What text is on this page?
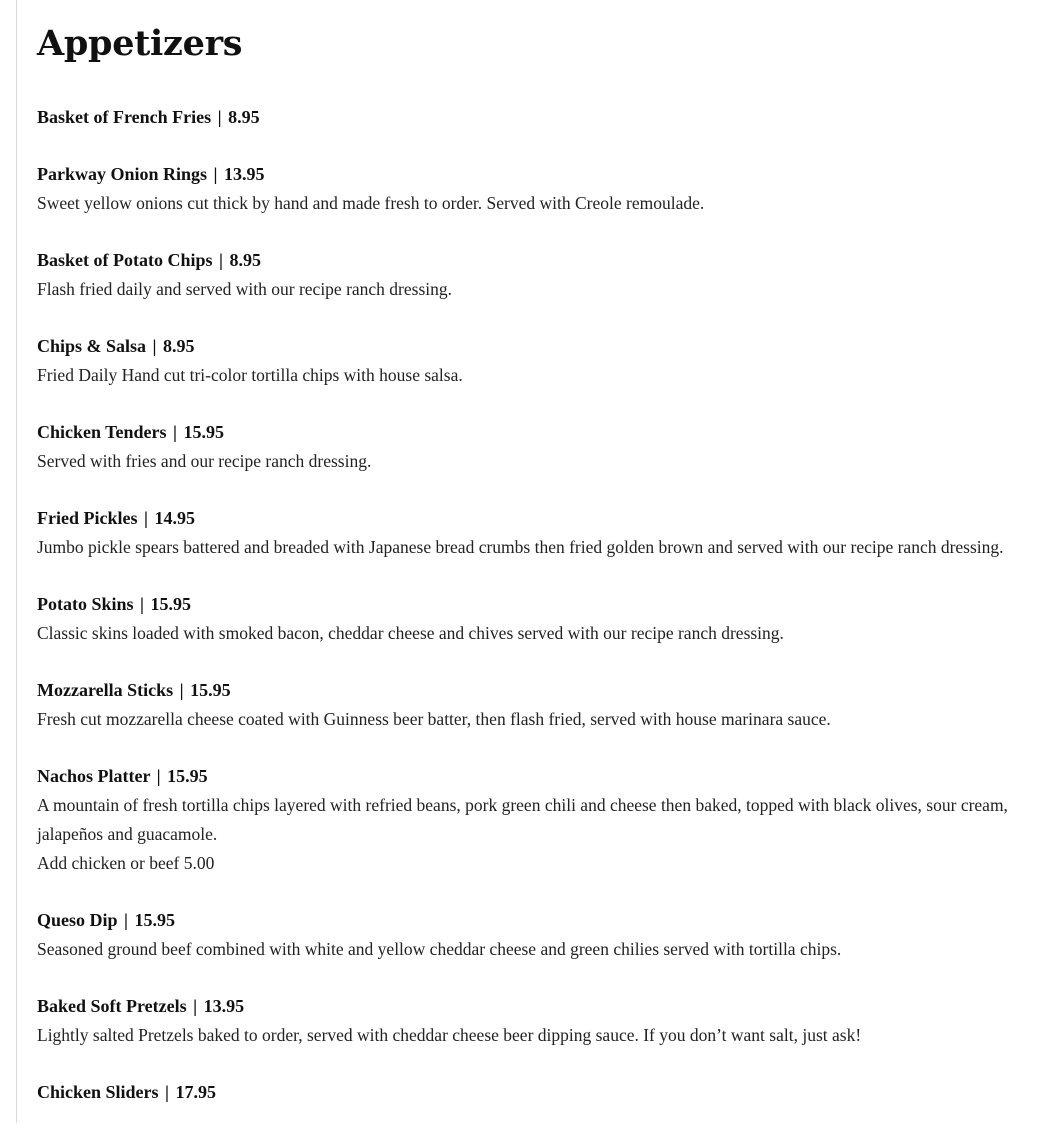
Appetizers
Basket of French Fries | 8.95
Parkway Onion Rings | 13.95
Sweet yellow onions cut thick by hand and made fresh to order. Served with Creole remoulade.
Basket of Potato Chips | 8.95
Flash fried daily and served with our recipe ranch dressing.
Chips & Salsa | 8.95
Fried Daily Hand cut tri-color tortilla chips with house salsa.
Chicken Tenders | 15.95
Served with fries and our recipe ranch dressing.
Fried Pickles | 14.95
Jumbo pickle spears battered and breaded with Japanese bread crumbs then fried golden brown and served with our recipe ranch dressing.
Potato Skins | 15.95
Classic skins loaded with smoked bacon, cheddar cheese and chives served with our recipe ranch dressing.
Mozzarella Sticks | 15.95
Fresh cut mozzarella cheese coated with Guinness beer batter, then flash fried, served with house marinara sauce.
Nachos Platter | 15.95
A mountain of fresh tortilla chips layered with refried beans, pork green chili and cheese then baked, topped with black olives, sour cream, jalapeños and guacamole.
Add chicken or beef 5.00
Queso Dip | 15.95
Seasoned ground beef combined with white and yellow cheddar cheese and green chilies served with tortilla chips.
Baked Soft Pretzels | 13.95
Lightly salted Pretzels baked to order, served with cheddar cheese beer dipping sauce. If you don’t want salt, just ask!
Chicken Sliders | 17.95
